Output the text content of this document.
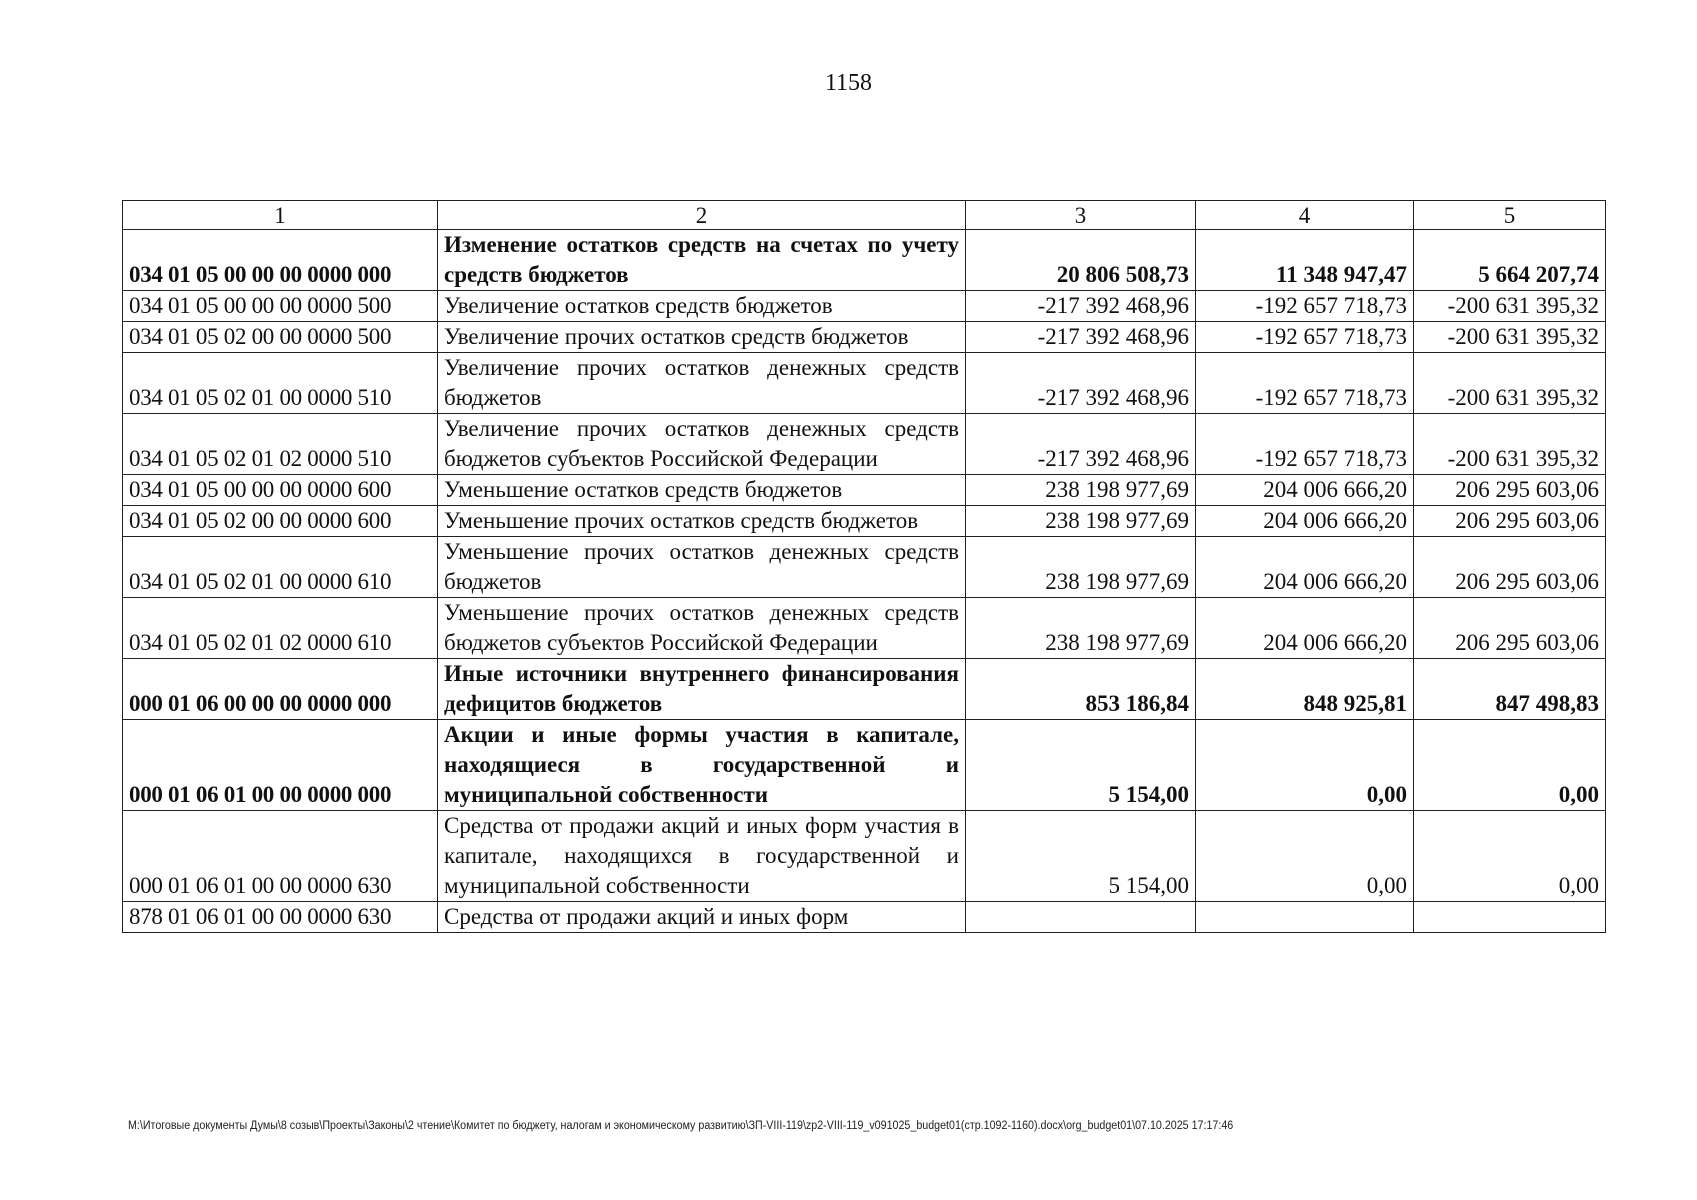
1158
1	2	3	4	5
034 01 05 00 00 00 0000 000	Изменение остатков средств на счетах по учету средств бюджетов	20 806 508,73	11 348 947,47	5 664 207,74
034 01 05 00 00 00 0000 500	Увеличение остатков средств бюджетов	-217 392 468,96	-192 657 718,73	-200 631 395,32
034 01 05 02 00 00 0000 500	Увеличение прочих остатков средств бюджетов	-217 392 468,96	-192 657 718,73	-200 631 395,32
034 01 05 02 01 00 0000 510	Увеличение прочих остатков денежных средств бюджетов	-217 392 468,96	-192 657 718,73	-200 631 395,32
034 01 05 02 01 02 0000 510	Увеличение прочих остатков денежных средств бюджетов субъектов Российской Федерации	-217 392 468,96	-192 657 718,73	-200 631 395,32
034 01 05 00 00 00 0000 600	Уменьшение остатков средств бюджетов	238 198 977,69	204 006 666,20	206 295 603,06
034 01 05 02 00 00 0000 600	Уменьшение прочих остатков средств бюджетов	238 198 977,69	204 006 666,20	206 295 603,06
034 01 05 02 01 00 0000 610	Уменьшение прочих остатков денежных средств бюджетов	238 198 977,69	204 006 666,20	206 295 603,06
034 01 05 02 01 02 0000 610	Уменьшение прочих остатков денежных средств бюджетов субъектов Российской Федерации	238 198 977,69	204 006 666,20	206 295 603,06
000 01 06 00 00 00 0000 000	Иные источники внутреннего финансирования дефицитов бюджетов	853 186,84	848 925,81	847 498,83
000 01 06 01 00 00 0000 000	Акции и иные формы участия в капитале, находящиеся в государственной и муниципальной собственности	5 154,00	0,00	0,00
000 01 06 01 00 00 0000 630	Средства от продажи акций и иных форм участия в капитале, находящихся в государственной и муниципальной собственности	5 154,00	0,00	0,00
878 01 06 01 00 00 0000 630	Средства от продажи акций и иных форм			
M:\Итоговые документы Думы\8 созыв\Проекты\Законы\2 чтение\Комитет по бюджету, налогам и экономическому развитию\ЗП-VIII-119\zp2-VIII-119_v091025_budget01(стр.1092-1160).docx\org_budget01\07.10.2025 17:17:46
